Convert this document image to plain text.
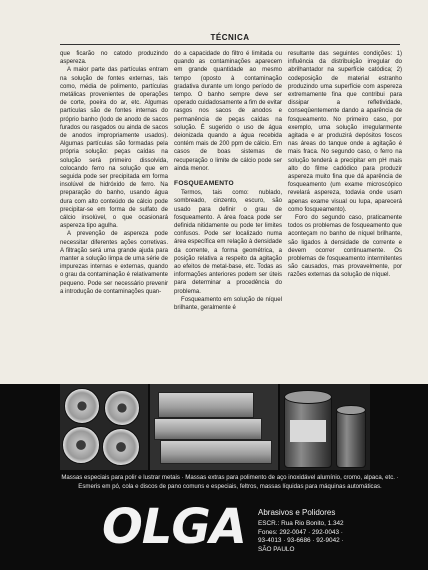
TÉCNICA

que ficarão no catodo produzindo aspereza.

A maior parte das partículas entram na solução de fontes externas, tais como, média de polimento, partículas metálicas provenientes de operações de corte, poeira do ar, etc. Algumas partículas são de fontes internas do próprio banho (lodo de anodo de sacos furados ou rasgados ou ainda de sacos de anodos impropriamente usados). Algumas partículas são formadas pela própria solução: peças caídas na solução será primeiro dissolvida, colocando ferro na solução que em seguida pode ser precipitada em forma insolúvel de hidróxido de ferro. Na preparação do banho, usando água dura com alto conteúdo de cálcio pode precipitar-se em forma de sulfato de cálcio insolúvel, o que ocasionará aspereza tipo agulha.

A prevenção de aspereza pode necessitar diferentes ações corretivas. A filtração será uma grande ajuda para manter a solução limpa de uma série de impurezas internas e externas, quando o grau da contaminação é relativamente pequeno. Pode ser necessário prevenir a introdução de contaminações quan-

do a capacidade do filtro é limitada ou quando as contaminações aparecem em grande quantidade ao mesmo tempo (oposto à contaminação gradativa durante um longo período de tempo. O banho sempre deve ser operado cuidadosamente a fim de evitar rasgos nos sacos de anodos e permanência de peças caídas na solução. É sugerido o uso de água deionizada quando a água recebida contém mais de 200 ppm de cálcio. Em casos de boas sistemas de recuperação o limite de cálcio pode ser ainda menor.

FOSQUEAMENTO

Termos, tais como: nublado, sombreado, cinzento, escuro, são usado para definir o grau de fosqueamento. A área foaca pode ser definida nitidamente ou pode ter limites confusos. Pode ser localizado numa área específica em relação à densidade da corrente, a forma geométrica, a posição relativa a respeito da agitação ao efeitos de metal-base, etc. Todas as informações anteriores podem ser úteis para determinar a procedência do problema.

Fosqueamento em solução de níquel brilhante, geralmente é

resultante das seguintes condições: 1) influência da distribuição irregular do abrilhantador na superfície catódica; 2) codeposição de material estranho produzindo uma superfície com aspereza extremamente fina que contribui para dissipar a refletividade, conseqüentemente dando a aparência de fosqueamento. No primeiro caso, por exemplo, uma solução irregularmente agitada e ar produzirá depósitos foscos nas áreas do tanque onde a agitação é mais fraca. No segundo caso, o ferro na solução tenderá a precipitar em pH mais alto do filme cadódico para produzir aspereza muito fina que dá aparência de fosqueamento (um exame microscópico revelará aspereza, todavia onde usam apenas exame visual ou lupa, aparecerá como fosqueamento).

Foro do segundo caso, praticamente todos os problemas de fosqueamento que aconteçam no banho de níquel brilhante, são ligados à densidade de corrente e devem ocorrer continuamente. Os problemas de fosqueamento intermitentes são causados, mas provavelmente, por razões externas da solução de níquel.

Massas especiais para polir e lustrar metais · Massas extras para polimento de aço inoxidável alumínio, cromo, alpaca, etc. · Esmeris em pó, cola e discos de pano comuns e especiais, feltros, massas líquidas para máquinas automáticas.
OLGA Abrasivos e Polidores
ESCR.: Rua Rio Bonito, 1.342
Fones: 292-0047 · 292-0043 ·
93-4013 · 93-6686 · 92-9042 ·
SÃO PAULO
